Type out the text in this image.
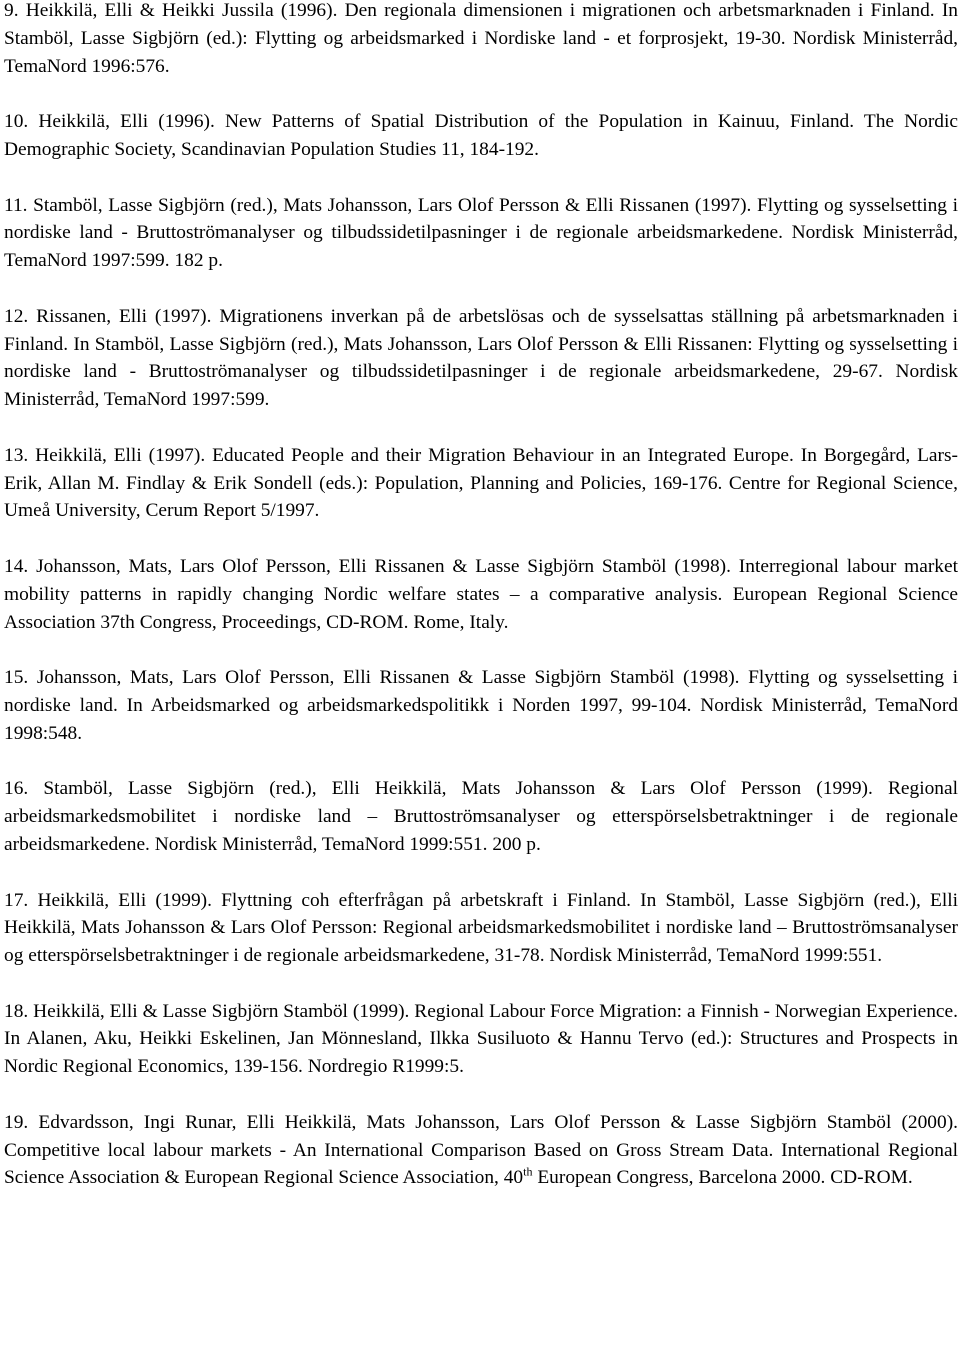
9. Heikkilä, Elli & Heikki Jussila (1996). Den regionala dimensionen i migrationen och arbetsmarknaden i Finland. In Stamböl, Lasse Sigbjörn (ed.): Flytting og arbeidsmarked i Nordiske land - et forprosjekt, 19-30. Nordisk Ministerråd, TemaNord 1996:576.

10. Heikkilä, Elli (1996). New Patterns of Spatial Distribution of the Population in Kainuu, Finland. The Nordic Demographic Society, Scandinavian Population Studies 11, 184-192.

11. Stamböl, Lasse Sigbjörn (red.), Mats Johansson, Lars Olof Persson & Elli Rissanen (1997). Flytting og sysselsetting i nordiske land - Bruttoströmanalyser og tilbudssidetilpasninger i de regionale arbeidsmarkedene. Nordisk Ministerråd, TemaNord 1997:599. 182 p.

12. Rissanen, Elli (1997). Migrationens inverkan på de arbetslösas och de sysselsattas ställning på arbetsmarknaden i Finland. In Stamböl, Lasse Sigbjörn (red.), Mats Johansson, Lars Olof Persson & Elli Rissanen: Flytting og sysselsetting i nordiske land - Bruttoströmanalyser og tilbudssidetilpasninger i de regionale arbeidsmarkedene, 29-67. Nordisk Ministerråd, TemaNord 1997:599.

13. Heikkilä, Elli (1997). Educated People and their Migration Behaviour in an Integrated Europe. In Borgegård, Lars-Erik, Allan M. Findlay & Erik Sondell (eds.): Population, Planning and Policies, 169-176. Centre for Regional Science, Umeå University, Cerum Report 5/1997.

14. Johansson, Mats, Lars Olof Persson, Elli Rissanen & Lasse Sigbjörn Stamböl (1998). Interregional labour market mobility patterns in rapidly changing Nordic welfare states – a comparative analysis. European Regional Science Association 37th Congress, Proceedings, CD-ROM. Rome, Italy.

15. Johansson, Mats, Lars Olof Persson, Elli Rissanen & Lasse Sigbjörn Stamböl (1998). Flytting og sysselsetting i nordiske land. In Arbeidsmarked og arbeidsmarkedspolitikk i Norden 1997, 99-104. Nordisk Ministerråd, TemaNord 1998:548.

16. Stamböl, Lasse Sigbjörn (red.), Elli Heikkilä, Mats Johansson & Lars Olof Persson (1999). Regional arbeidsmarkedsmobilitet i nordiske land – Bruttoströmsanalyser og etterspörselsbetraktninger i de regionale arbeidsmarkedene. Nordisk Ministerråd, TemaNord 1999:551. 200 p.

17. Heikkilä, Elli (1999). Flyttning coh efterfrågan på arbetskraft i Finland. In Stamböl, Lasse Sigbjörn (red.), Elli Heikkilä, Mats Johansson & Lars Olof Persson: Regional arbeidsmarkedsmobilitet i nordiske land – Bruttoströmsanalyser og etterspörselsbetraktninger i de regionale arbeidsmarkedene, 31-78. Nordisk Ministerråd, TemaNord 1999:551.

18. Heikkilä, Elli & Lasse Sigbjörn Stamböl (1999). Regional Labour Force Migration: a Finnish - Norwegian Experience. In Alanen, Aku, Heikki Eskelinen, Jan Mönnesland, Ilkka Susiluoto & Hannu Tervo (ed.): Structures and Prospects in Nordic Regional Economics, 139-156. Nordregio R1999:5.

19. Edvardsson, Ingi Runar, Elli Heikkilä, Mats Johansson, Lars Olof Persson & Lasse Sigbjörn Stamböl (2000). Competitive local labour markets - An International Comparison Based on Gross Stream Data. International Regional Science Association & European Regional Science Association, 40th European Congress, Barcelona 2000. CD-ROM.
